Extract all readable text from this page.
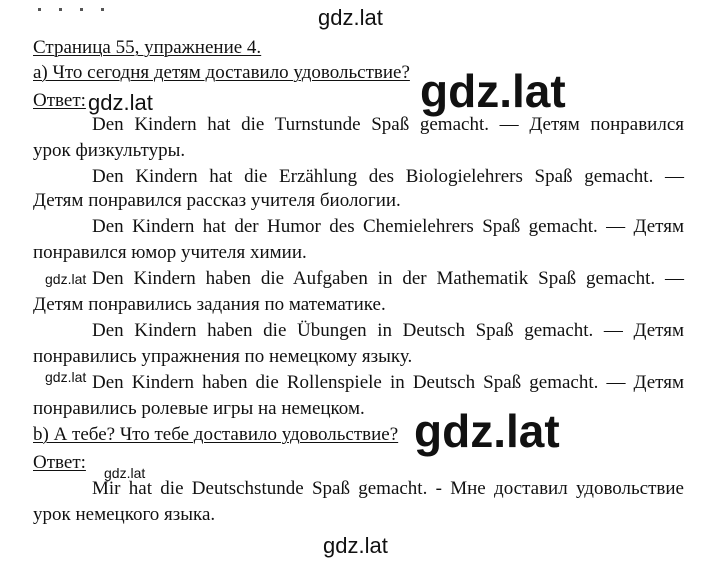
gdz.lat
Страница 55, упражнение 4.
а) Что сегодня детям доставило удовольствие? gdz.lat
Ответ: gdz.lat
Den Kindern hat die Turnstunde Spaß gemacht. — Детям понравился
урок физкультуры.
Den Kindern hat die Erzählung des Biologielehrers Spaß gemacht. —
Детям понравился рассказ учителя биологии.
Den Kindern hat der Humor des Chemielehrers Spaß gemacht. — Детям
понравился юмор учителя химии.
gdz.lat Den Kindern haben die Aufgaben in der Mathematik Spaß gemacht. —
Детям понравились задания по математике.
Den Kindern haben die Übungen in Deutsch Spaß gemacht. — Детям
понравились упражнения по немецкому языку.
gdz.lat Den Kindern haben die Rollenspiele in Deutsch Spaß gemacht. — Детям
понравились ролевые игры на немецком. gdz.lat
b) А тебе? Что тебе доставило удовольствие?
Ответ: gdz.lat
Mir hat die Deutschstunde Spaß gemacht. - Мне доставил удовольствие
урок немецкого языка.
gdz.lat
